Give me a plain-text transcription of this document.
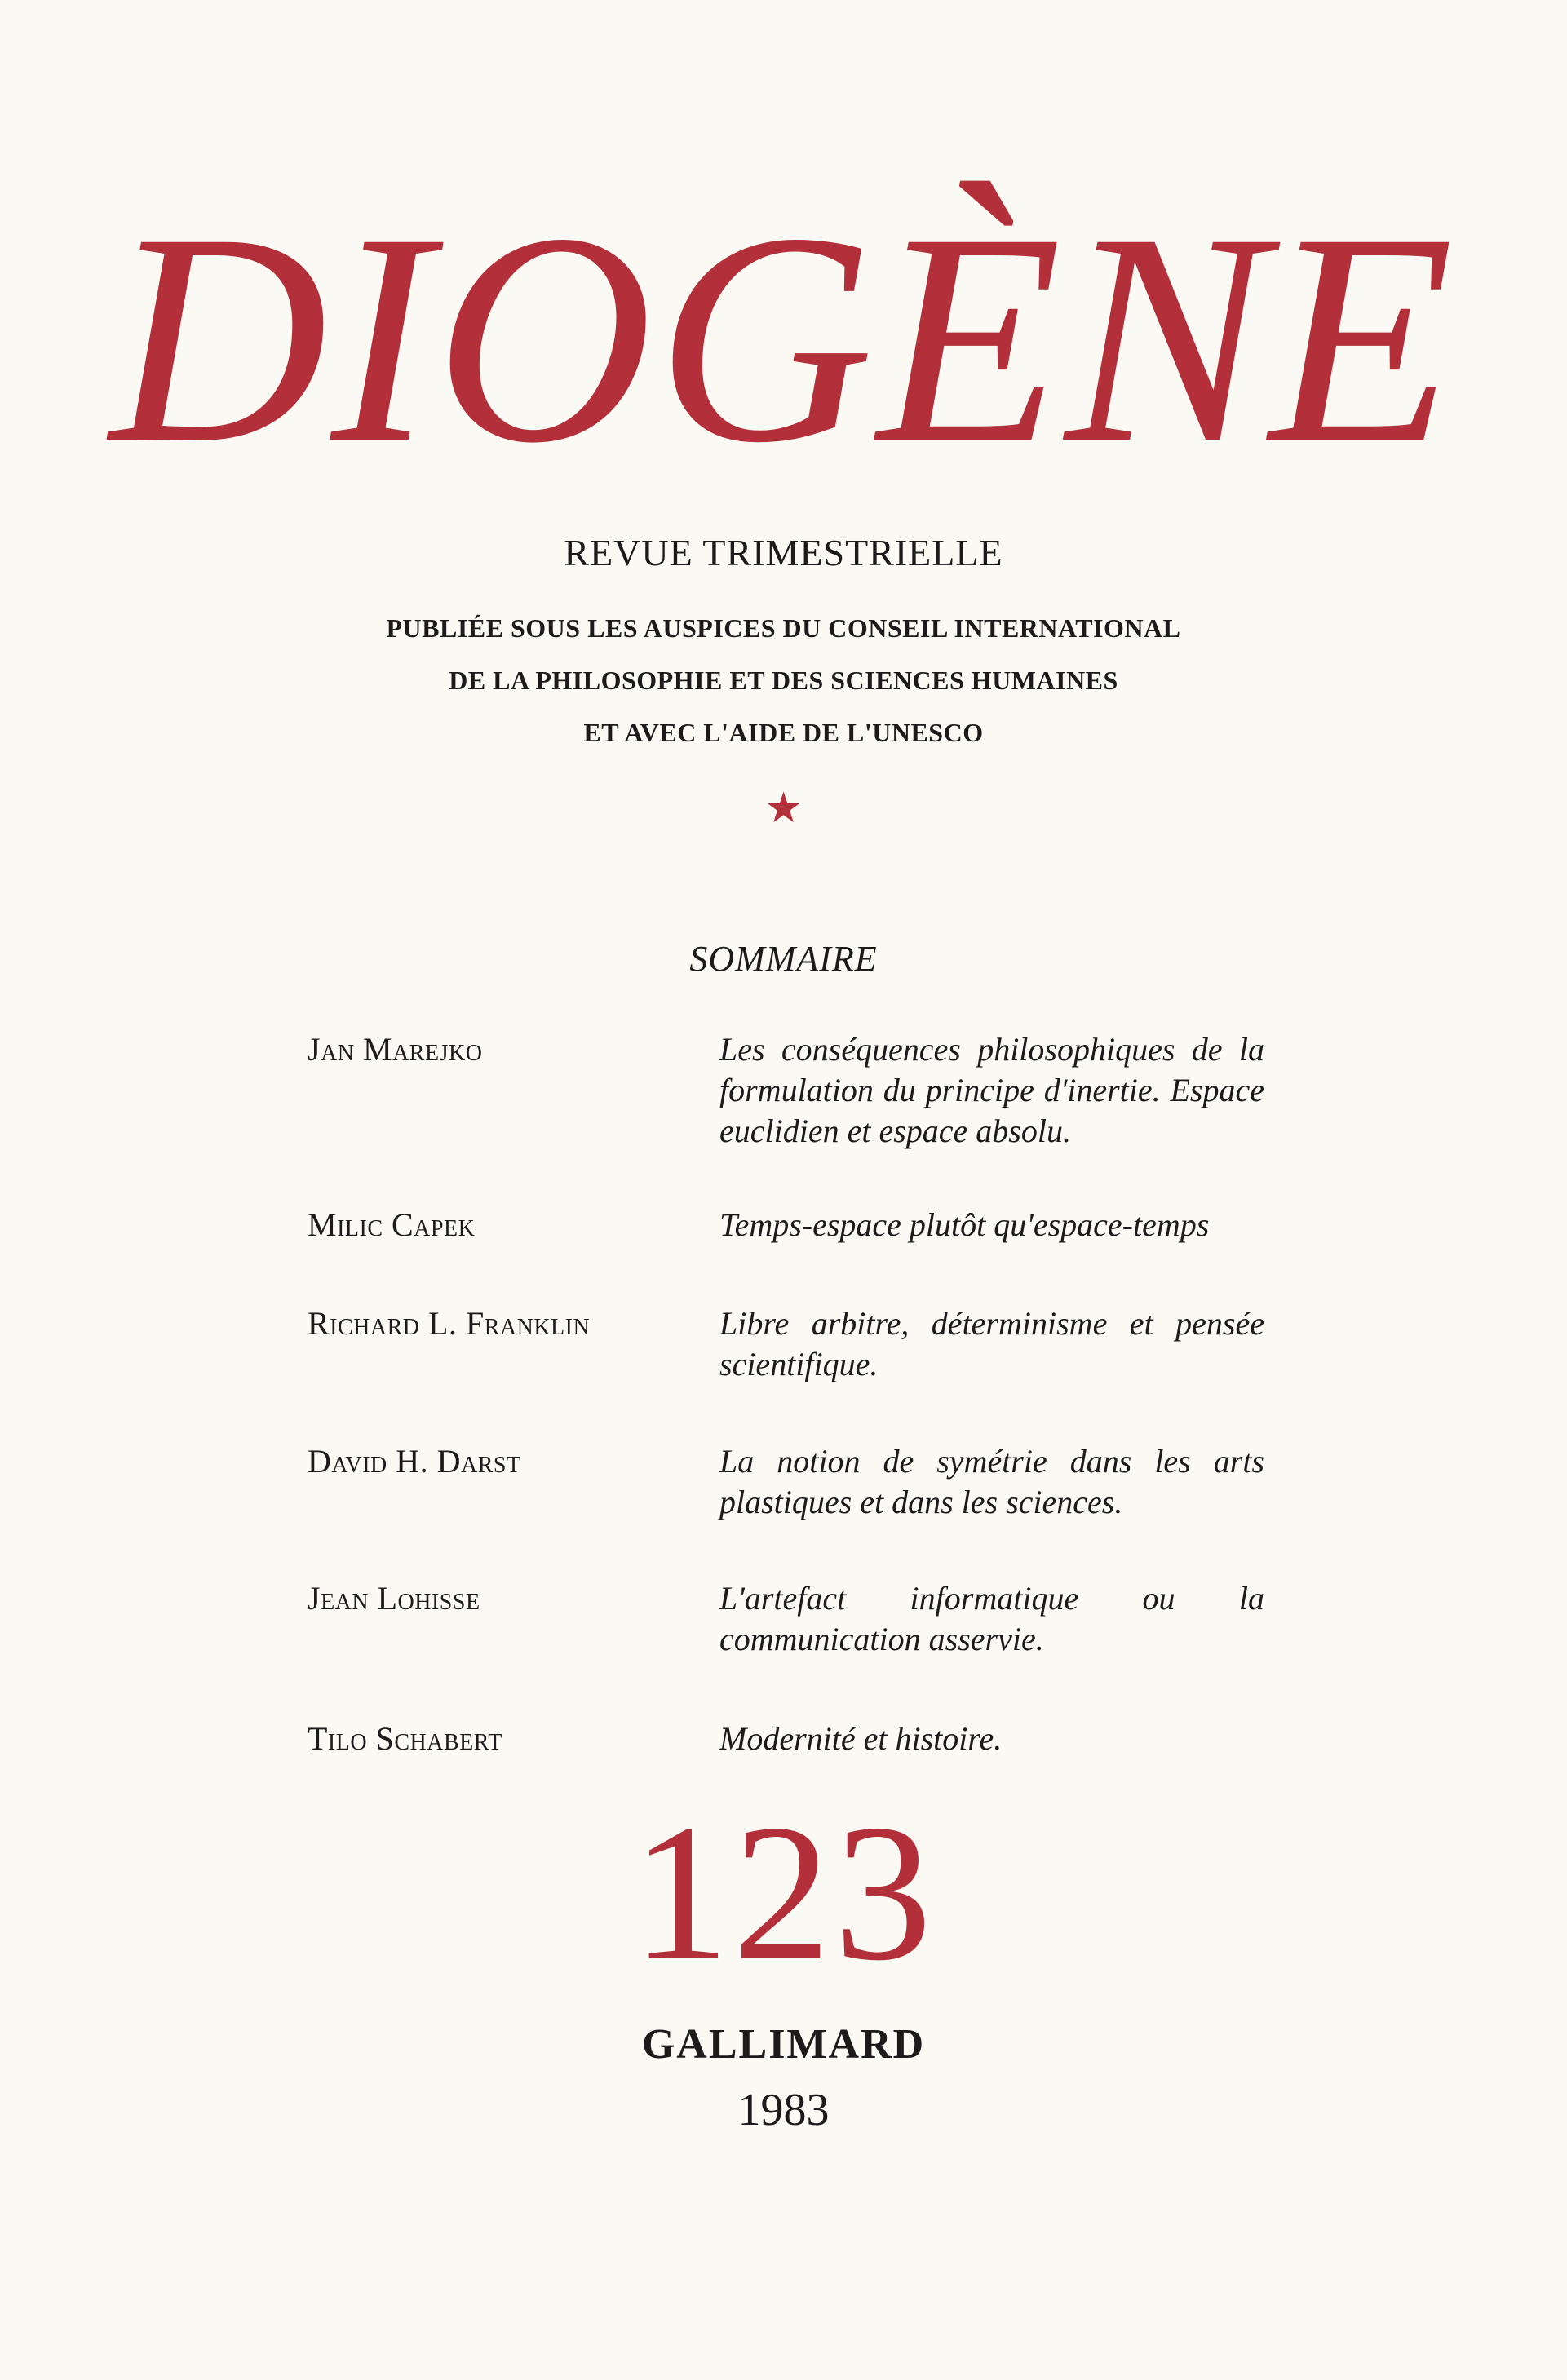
DIOGÈNE
REVUE TRIMESTRIELLE
PUBLIÉE SOUS LES AUSPICES DU CONSEIL INTERNATIONAL
DE LA PHILOSOPHIE ET DES SCIENCES HUMAINES
ET AVEC L'AIDE DE L'UNESCO
★
SOMMAIRE
Jan Marejko	Les conséquences philosophiques de la formulation du principe d'inertie. Espace euclidien et espace absolu.
Milic Capek	Temps-espace plutôt qu'espace-temps
Richard L. Franklin	Libre arbitre, déterminisme et pensée scientifique.
David H. Darst	La notion de symétrie dans les arts plastiques et dans les sciences.
Jean Lohisse	L'artefact informatique ou la communication asservie.
Tilo Schabert	Modernité et histoire.
123
GALLIMARD
1983
